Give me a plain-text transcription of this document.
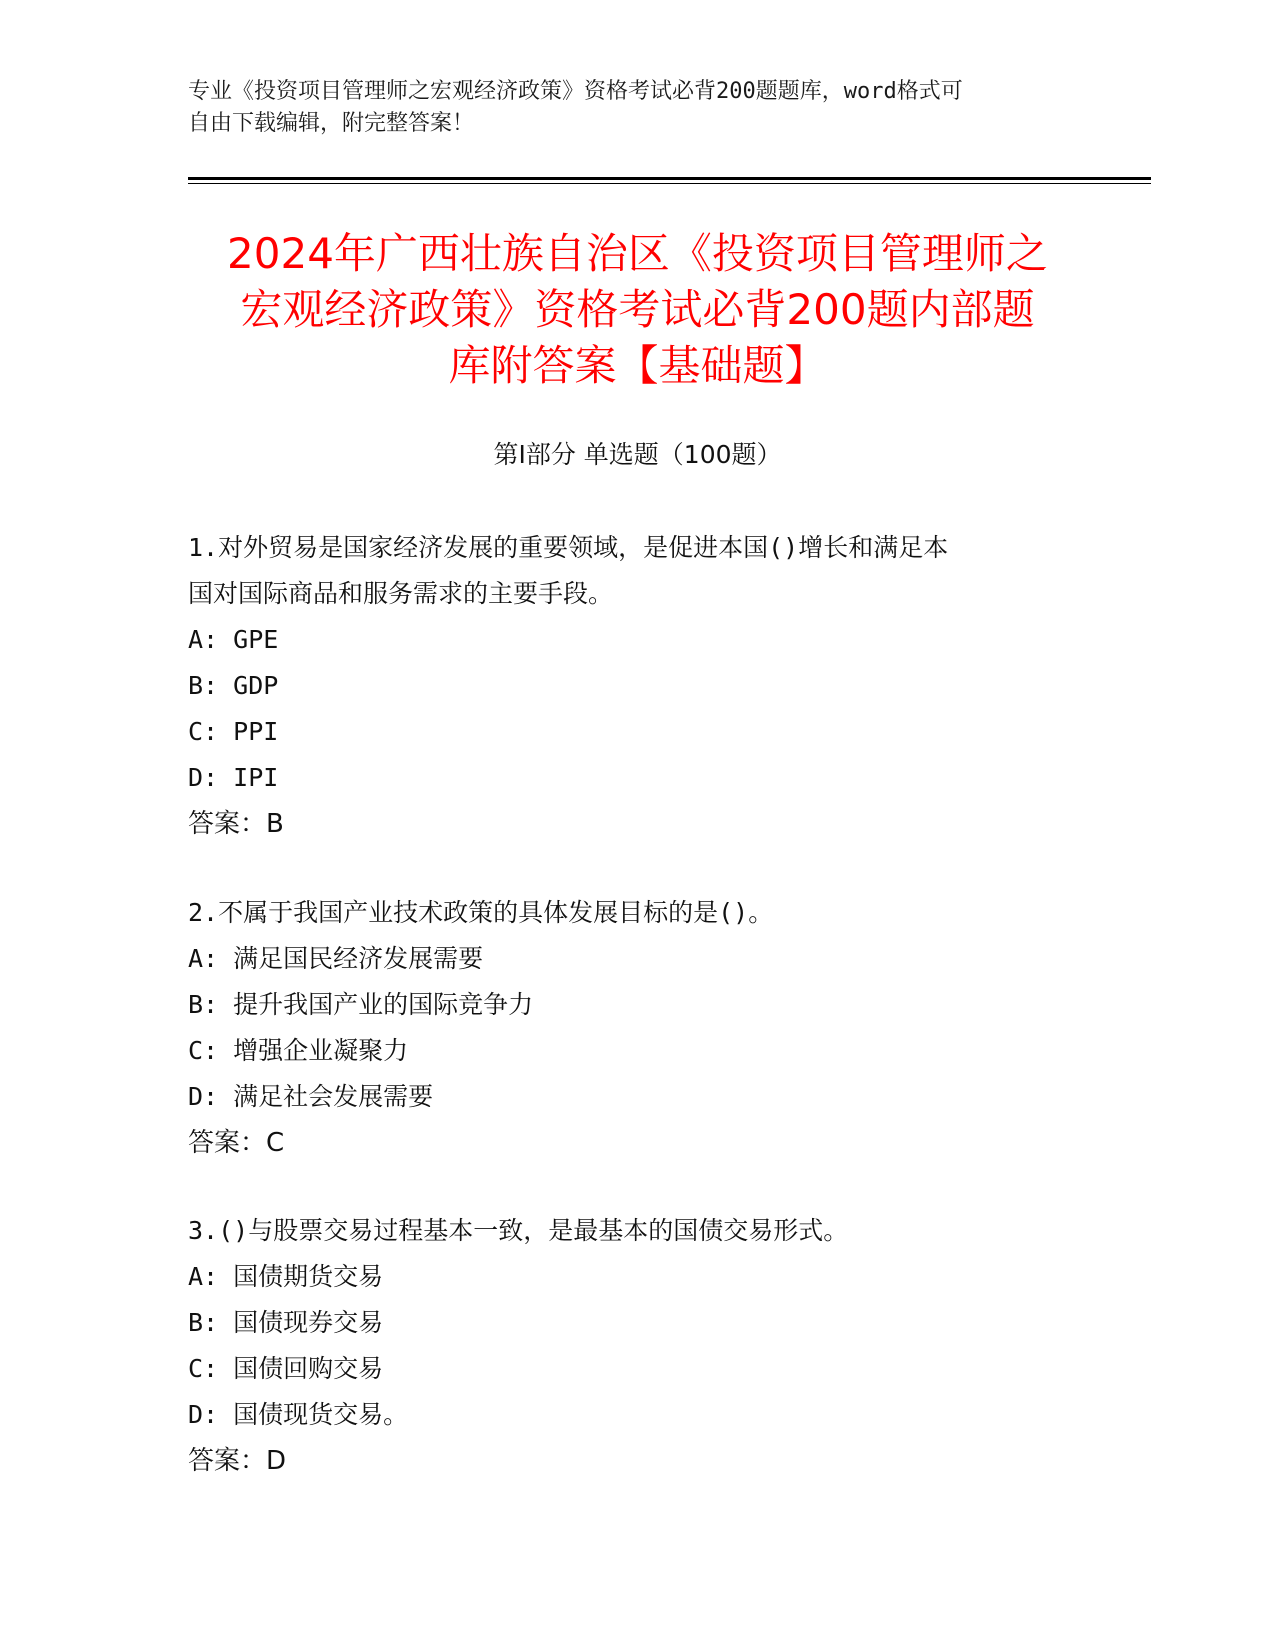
专业《投资项目管理师之宏观经济政策》资格考试必背200题题库，word格式可
自由下载编辑，附完整答案！
2024年广西壮族自治区《投资项目管理师之
宏观经济政策》资格考试必背200题内部题
库附答案【基础题】
第I部分 单选题（100题）
1.对外贸易是国家经济发展的重要领域，是促进本国()增长和满足本
国对国际商品和服务需求的主要手段。
A: GPE
B: GDP
C: PPI
D: IPI
答案：B
2.不属于我国产业技术政策的具体发展目标的是()。
A: 满足国民经济发展需要
B: 提升我国产业的国际竞争力
C: 增强企业凝聚力
D: 满足社会发展需要
答案：C
3.()与股票交易过程基本一致，是最基本的国债交易形式。
A: 国债期货交易
B: 国债现券交易
C: 国债回购交易
D: 国债现货交易。
答案：D
